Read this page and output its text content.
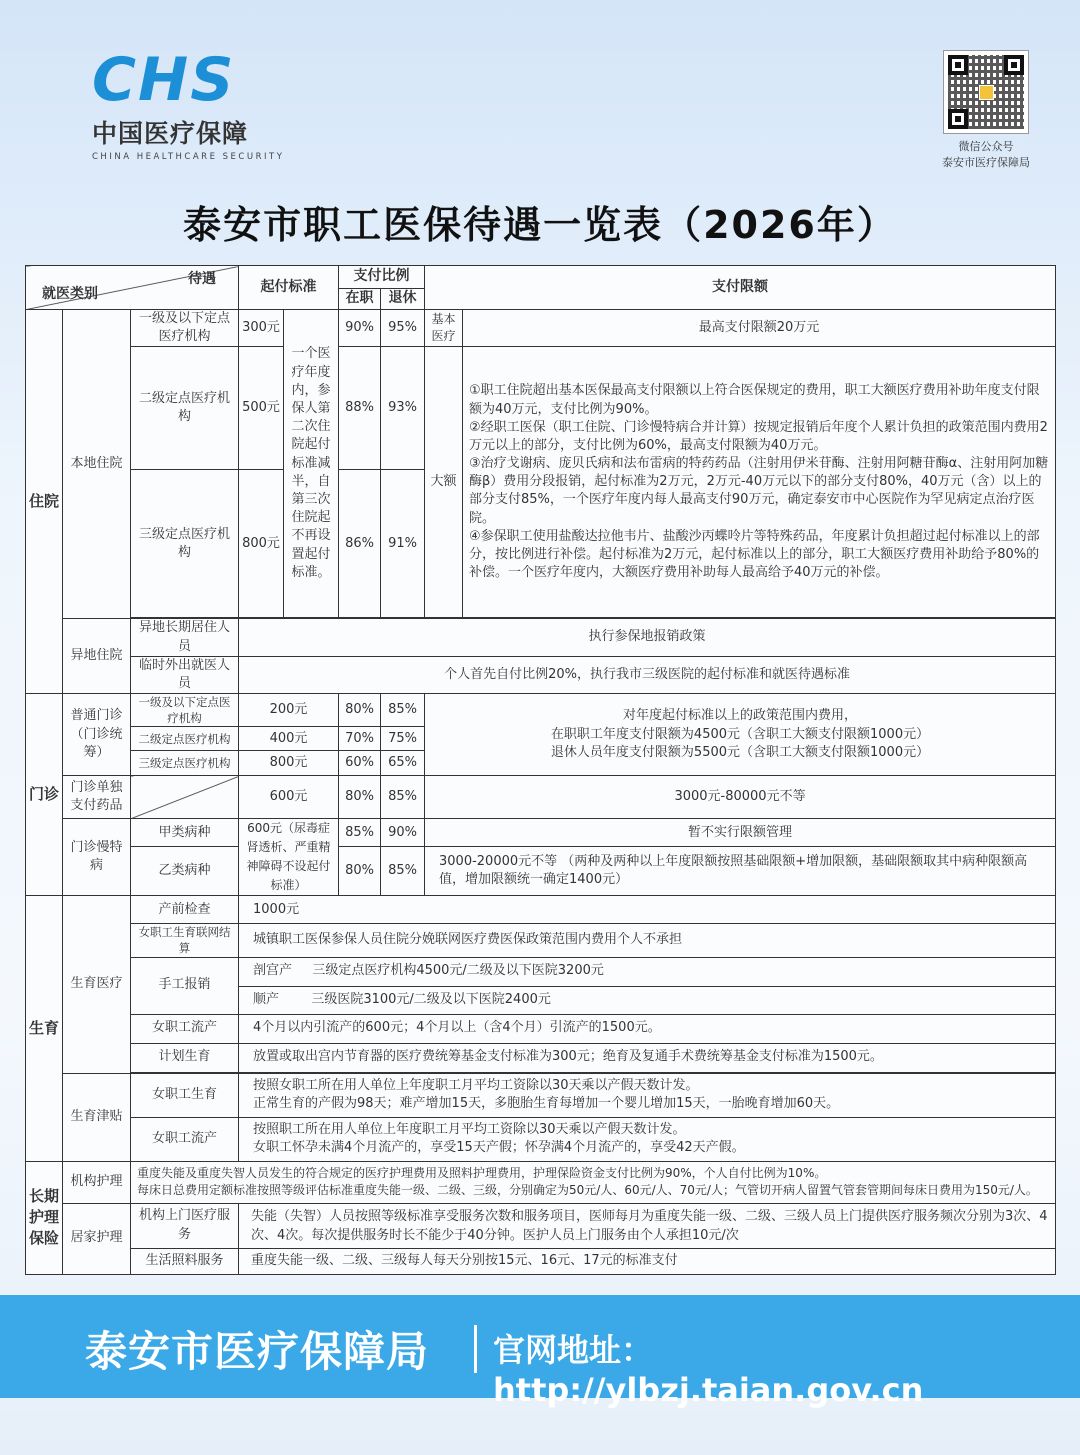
CHS
中国医疗保障
CHINA HEALTHCARE SECURITY
微信公众号
泰安市医疗保障局
泰安市职工医保待遇一览表（2026年）
待遇
就医类别			起付标准		支付比例		支付限额	
					在职	退休		
住院	本地住院	一级及以下定点医疗机构	300元	一个医疗年度内，参保人第二次住院起付标准减半，自第三次住院起不再设置起付标准。	90%	95%	基本医疗	最高支付限额20万元
		二级定点医疗机构	500元		88%	93%	大额	①职工住院超出基本医保最高支付限额以上符合医保规定的费用，职工大额医疗费用补助年度支付限额为40万元，支付比例为90%。
②经职工医保（职工住院、门诊慢特病合并计算）按规定报销后年度个人累计负担的政策范围内费用2万元以上的部分，支付比例为60%，最高支付限额为40万元。
③治疗戈谢病、庞贝氏病和法布雷病的特药药品（注射用伊米苷酶、注射用阿糖苷酶α、注射用阿加糖酶β）费用分段报销，起付标准为2万元，2万元-40万元以下的部分支付80%，40万元（含）以上的部分支付85%，一个医疗年度内每人最高支付90万元，确定泰安市中心医院作为罕见病定点治疗医院。
④参保职工使用盐酸达拉他韦片、盐酸沙丙蝶呤片等特殊药品，年度累计负担超过起付标准以上的部分，按比例进行补偿。起付标准为2万元，起付标准以上的部分，职工大额医疗费用补助给予80%的补偿。一个医疗年度内，大额医疗费用补助每人最高给予40万元的补偿。

		三级定点医疗机构	800元		86%	91%		

	异地住院	异地长期居住人员	执行参保地报销政策					
		临时外出就医人员	个人首先自付比例20%，执行我市三级医院的起付标准和就医待遇标准					
门诊	普通门诊（门诊统筹）	一级及以下定点医疗机构	200元		80%	85%	对年度起付标准以上的政策范围内费用，
在职职工年度支付限额为4500元（含职工大额支付限额1000元）
退休人员年度支付限额为5500元（含职工大额支付限额1000元）	

		二级定点医疗机构	400元		70%	75%		
		三级定点医疗机构	800元		60%	65%		
	门诊单独支付药品		600元		80%	85%	3000元-80000元不等	
	门诊慢特病	甲类病种	600元（尿毒症肾透析、严重精神障碍不设起付标准）		85%	90%	暂不实行限额管理	
		乙类病种			80%	85%	3000-20000元不等 （两种及两种以上年度限额按照基础限额+增加限额，基础限额取其中病种限额高值，增加限额统一确定1400元）	

生育	生育医疗	产前检查	1000元					
		女职工生育联网结算	城镇职工医保参保人员住院分娩联网医疗费医保政策范围内费用个人不承担					
		手工报销	剖宫产 三级定点医疗机构4500元/二级及以下医院3200元					
			顺产 三级医院3100元/二级及以下医院2400元					
		女职工流产	4个月以内引流产的600元；4个月以上（含4个月）引流产的1500元。					
		计划生育	放置或取出宫内节育器的医疗费统筹基金支付标准为300元；绝育及复通手术费统筹基金支付标准为1500元。					

	生育津贴	女职工生育	按照女职工所在用人单位上年度职工月平均工资除以30天乘以产假天数计发。
正常生育的产假为98天；难产增加15天，多胞胎生育每增加一个婴儿增加15天，一胎晚育增加60天。					

		女职工流产	按照职工所在用人单位上年度职工月平均工资除以30天乘以产假天数计发。
女职工怀孕未满4个月流产的，享受15天产假；怀孕满4个月流产的，享受42天产假。					

长期护理保险	机构护理	重度失能及重度失智人员发生的符合规定的医疗护理费用及照料护理费用，护理保险资金支付比例为90%，个人自付比例为10%。
每床日总费用定额标准按照等级评估标准重度失能一级、二级、三级，分别确定为50元/人、60元/人、70元/人；气管切开病人留置气管套管期间每床日费用为150元/人。						

	居家护理	机构上门医疗服务	失能（失智）人员按照等级标准享受服务次数和服务项目，医师每月为重度失能一级、二级、三级人员上门提供医疗服务频次分别为3次、4次、4次。每次提供服务时长不能少于40分钟。医护人员上门服务由个人承担10元/次					
		生活照料服务	重度失能一级、二级、三级每人每天分别按15元、16元、17元的标准支付					
泰安市医疗保障局 官网地址：http://ylbzj.taian.gov.cn
